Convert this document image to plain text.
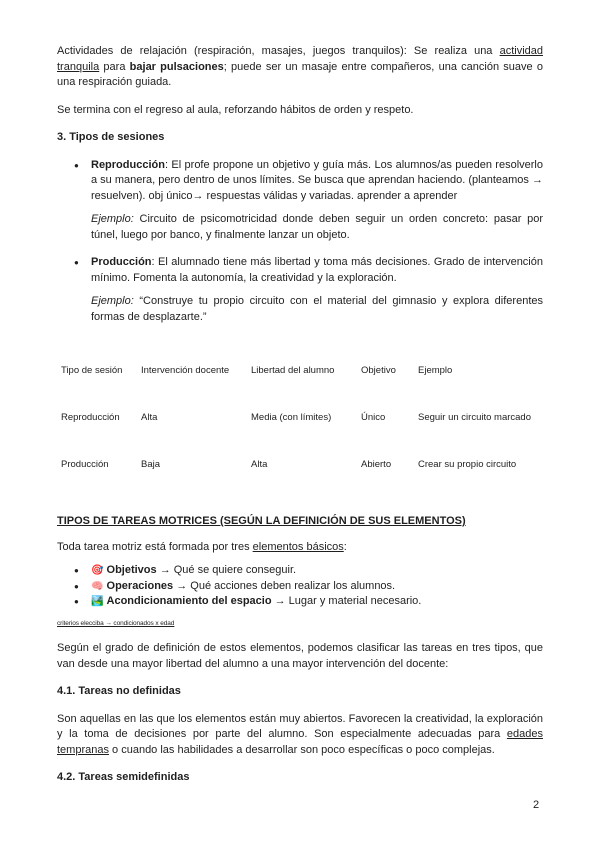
Actividades de relajación (respiración, masajes, juegos tranquilos): Se realiza una actividad tranquila para bajar pulsaciones; puede ser un masaje entre compañeros, una canción suave o una respiración guiada.

Se termina con el regreso al aula, reforzando hábitos de orden y respeto.

3. Tipos de sesiones

● Reproducción: El profe propone un objetivo y guía más. Los alumnos/as pueden resolverlo a su manera, pero dentro de unos límites. Se busca que aprendan haciendo. (planteamos → resuelven). obj único→ respuestas válidas y variadas. aprender a aprender

Ejemplo: Circuito de psicomotricidad donde deben seguir un orden concreto: pasar por túnel, luego por banco, y finalmente lanzar un objeto.

● Producción: El alumnado tiene más libertad y toma más decisiones. Grado de intervención mínimo. Fomenta la autonomía, la creatividad y la exploración.

Ejemplo: “Construye tu propio circuito con el material del gimnasio y explora diferentes formas de desplazarte.”

Tipo de sesión	Intervención docente	Libertad del alumno	Objetivo	Ejemplo
Reproducción	Alta	Media (con límites)	Único	Seguir un circuito marcado
Producción	Baja	Alta	Abierto	Crear su propio circuito

TIPOS DE TAREAS MOTRICES (SEGÚN LA DEFINICIÓN DE SUS ELEMENTOS)

Toda tarea motriz está formada por tres elementos básicos:

● 🎯 Objetivos → Qué se quiere conseguir.
● 🧠 Operaciones → Qué acciones deben realizar los alumnos.
● 🏞️ Acondicionamiento del espacio → Lugar y material necesario.

criterios elecciba → condicionados x edad

Según el grado de definición de estos elementos, podemos clasificar las tareas en tres tipos, que van desde una mayor libertad del alumno a una mayor intervención del docente:

4.1. Tareas no definidas

Son aquellas en las que los elementos están muy abiertos. Favorecen la creatividad, la exploración y la toma de decisiones por parte del alumno. Son especialmente adecuadas para edades tempranas o cuando las habilidades a desarrollar son poco específicas o poco complejas.

4.2. Tareas semidefinidas

2
